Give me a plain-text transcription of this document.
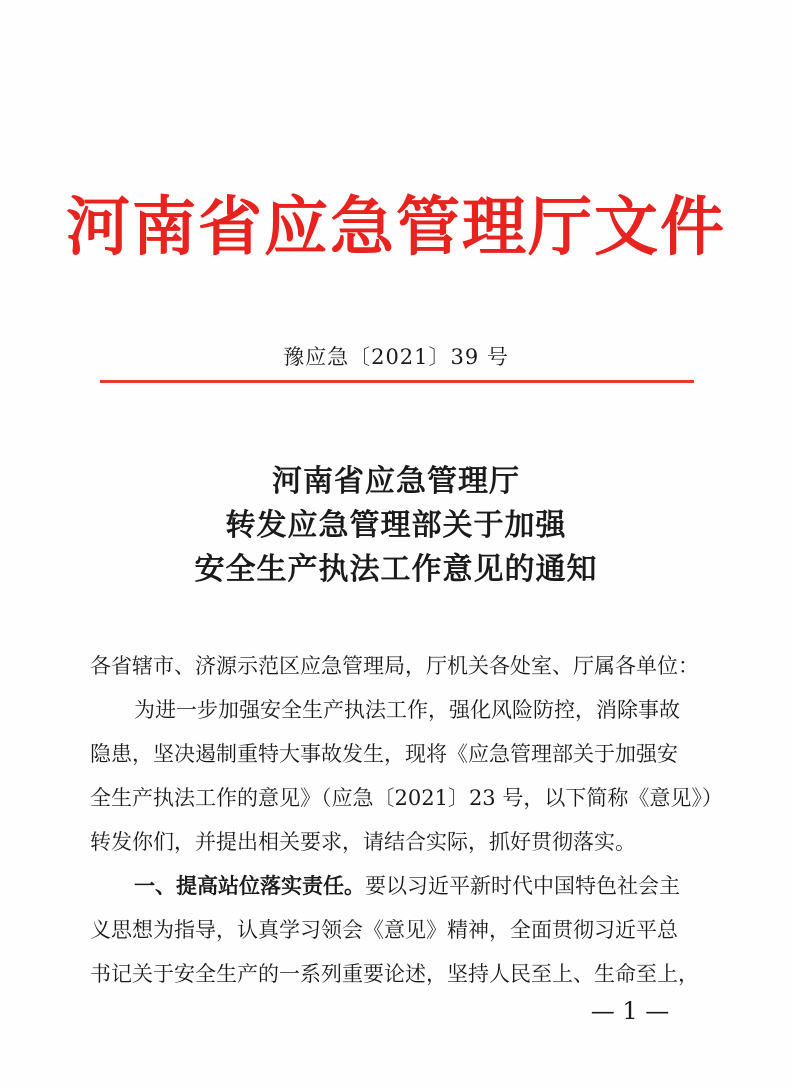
河南省应急管理厅文件
豫应急〔2021〕39 号
河南省应急管理厅
转发应急管理部关于加强
安全生产执法工作意见的通知
各省辖市、济源示范区应急管理局，厅机关各处室、厅属各单位：
为进一步加强安全生产执法工作，强化风险防控，消除事故
隐患，坚决遏制重特大事故发生，现将《应急管理部关于加强安
全生产执法工作的意见》（应急〔2021〕23 号，以下简称《意见》）
转发你们，并提出相关要求，请结合实际，抓好贯彻落实。
一、提高站位落实责任。要以习近平新时代中国特色社会主
义思想为指导，认真学习领会《意见》精神，全面贯彻习近平总
书记关于安全生产的一系列重要论述，坚持人民至上、生命至上，
— 1 —
